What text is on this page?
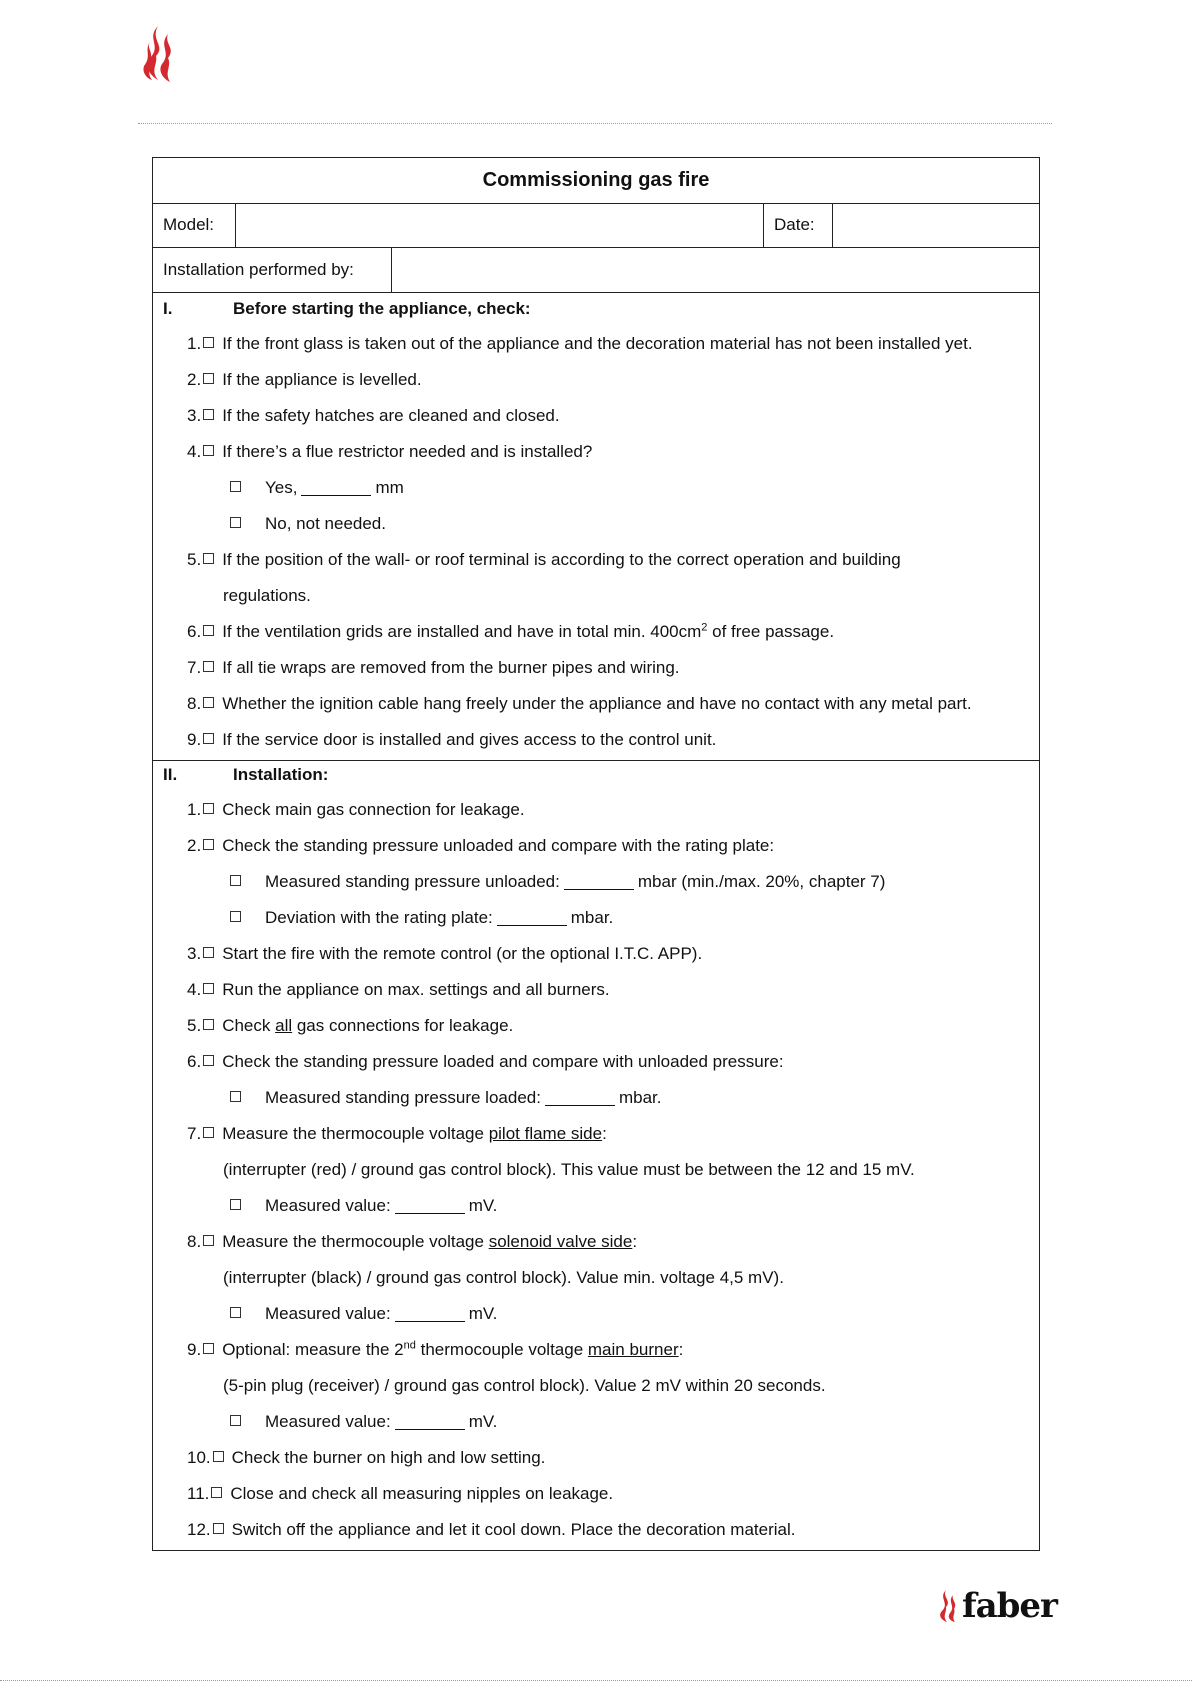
Commissioning gas fire
Model:	Date:
Installation performed by:
I.	Before starting the appliance, check:
1. If the front glass is taken out of the appliance and the decoration material has not been installed yet.
2. If the appliance is levelled.
3. If the safety hatches are cleaned and closed.
4. If there’s a flue restrictor needed and is installed?
Yes,	mm
No, not needed.
5. If the position of the wall- or roof terminal is according to the correct operation and building
regulations.
6. If the ventilation grids are installed and have in total min. $400cm^2$ of free passage.
7. If all tie wraps are removed from the burner pipes and wiring.
8. Whether the ignition cable hang freely under the appliance and have no contact with any metal part.
9. If the service door is installed and gives access to the control unit.
II.	Installation:
1. Check main gas connection for leakage.
2. Check the standing pressure unloaded and compare with the rating plate:
Measured standing pressure unloaded:	mbar (min./max. 20%, chapter 7)
Deviation with the rating plate:	mbar.
3. Start the fire with the remote control (or the optional I.T.C. APP).
4. Run the appliance on max. settings and all burners.
5. Check all gas connections for leakage.
6. Check the standing pressure loaded and compare with unloaded pressure:
Measured standing pressure loaded:	mbar.
7. Measure the thermocouple voltage pilot flame side:
(interrupter (red) / ground gas control block). This value must be between the 12 and 15 mV.
Measured value:	mV.
8. Measure the thermocouple voltage solenoid valve side:
(interrupter (black) / ground gas control block). Value min. voltage 4,5 mV).
Measured value:	mV.
9. Optional: measure the 2nd thermocouple voltage main burner:
(5-pin plug (receiver) / ground gas control block). Value 2 mV within 20 seconds.
Measured value:	mV.
10. Check the burner on high and low setting.
11. Close and check all measuring nipples on leakage.
12. Switch off the appliance and let it cool down. Place the decoration material.
faber
